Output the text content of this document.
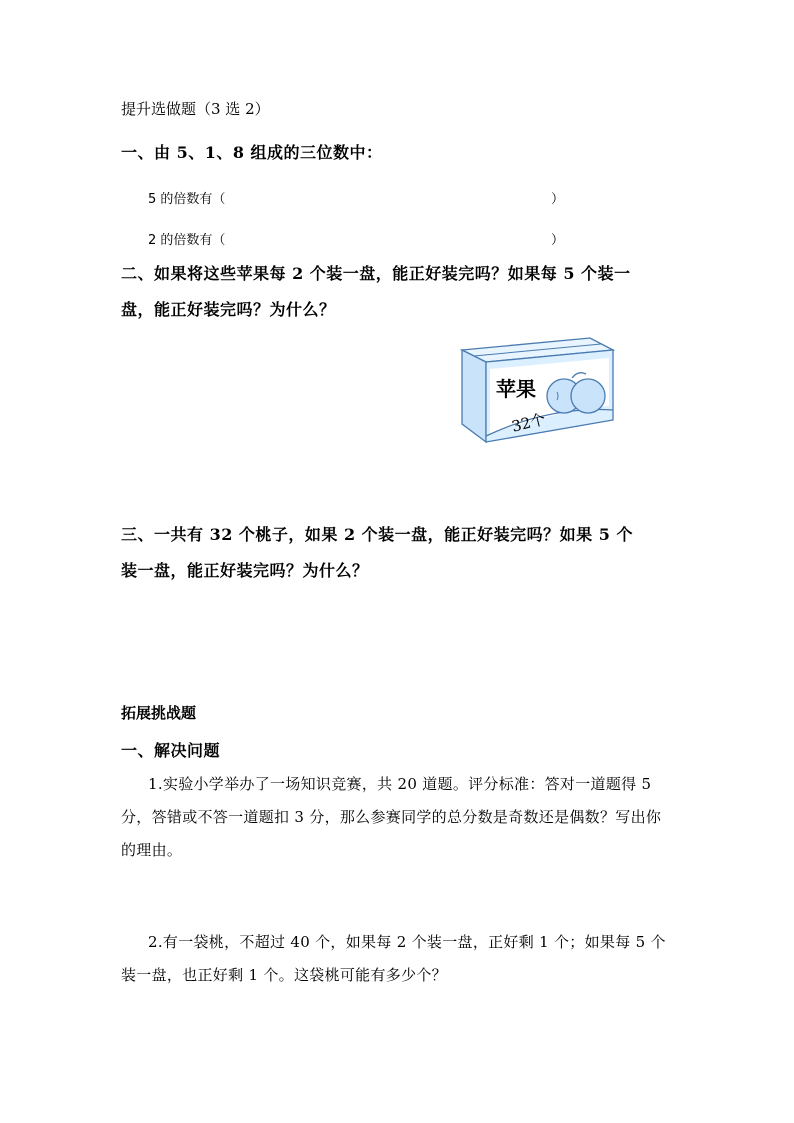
提升选做题（3 选 2）
一、由 5、1、8 组成的三位数中：
5 的倍数有（	）
2 的倍数有（	）
二、如果将这些苹果每 2 个装一盘，能正好装完吗？如果每 5 个装一
盘，能正好装完吗？为什么？
苹果
32个
三、一共有 32 个桃子，如果 2 个装一盘，能正好装完吗？如果 5 个
装一盘，能正好装完吗？为什么？
拓展挑战题
一、解决问题
1.实验小学举办了一场知识竞赛，共 20 道题。评分标准：答对一道题得 5
分，答错或不答一道题扣 3 分，那么参赛同学的总分数是奇数还是偶数？写出你
的理由。
2.有一袋桃，不超过 40 个，如果每 2 个装一盘，正好剩 1 个；如果每 5 个
装一盘，也正好剩 1 个。这袋桃可能有多少个？
